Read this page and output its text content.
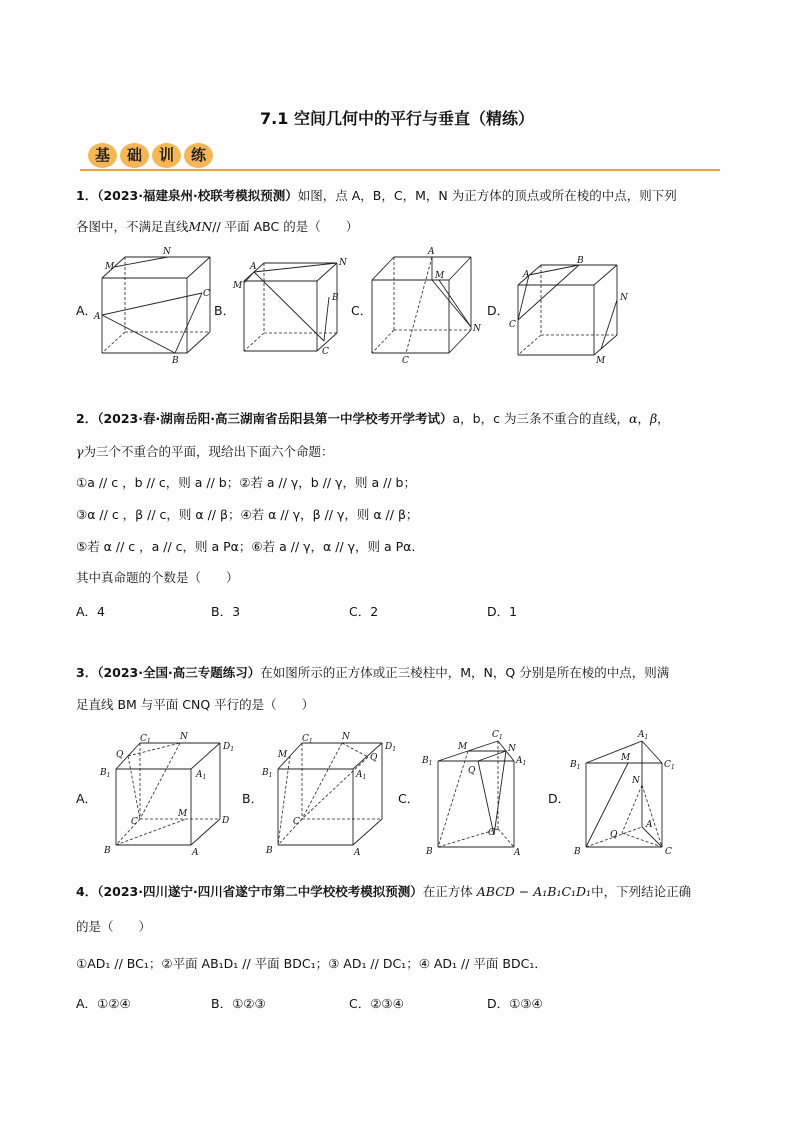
7.1 空间几何中的平行与垂直（精练）
基	础	训	练
1．（2023·福建泉州·校联考模拟预测）如图，点 A，B，C，M，N 为正方体的顶点或所在棱的中点，则下列
各图中，不满足直线MN// 平面 ABC 的是（　　）
A．
M
N
A
C
B
B．
A	N
M
B
C
C．
A
M
N
C
D．
A
B
C
N
M
2．（2023·春·湖南岳阳·高三湖南省岳阳县第一中学校考开学考试）a，b，c 为三条不重合的直线，α，β，
γ为三个不重合的平面，现给出下面六个命题：
①a // c ，b // c，则 a // b；②若 a // γ，b // γ，则 a // b；
③α // c ，β // c，则 α // β；④若 α // γ，β // γ，则 α // β；
⑤若 α // c ，a // c，则 a Pα；⑥若 a // γ，α // γ，则 a Pα.
其中真命题的个数是（　　）
A．4	B．3	C．2	D．1
3．（2023·全国·高三专题练习）在如图所示的正方体或正三棱柱中，M，N，Q 分别是所在棱的中点，则满
足直线 BM 与平面 CNQ 平行的是（　　）
A．
Q
$C_1$	N
$D_1$
$B_1$	$A_1$
C
M
D
B	A
B．
M
$C_1$	N
$D_1$
$B_1$	$A_1$
Q
C
B	A
C．
M
$C_1$
N
$B_1$	$A_1$
Q
C
B	A
D．
$A_1$
$B_1$	$C_1$
M
N
Q
A
B	C
4．（2023·四川遂宁·四川省遂宁市第二中学校校考模拟预测）在正方体 ABCD − A₁B₁C₁D₁中，下列结论正确
的是（　　）
①AD₁ // BC₁；②平面 AB₁D₁ // 平面 BDC₁；③ AD₁ // DC₁；④ AD₁ // 平面 BDC₁．
A．①②④	B．①②③	C．②③④	D．①③④
